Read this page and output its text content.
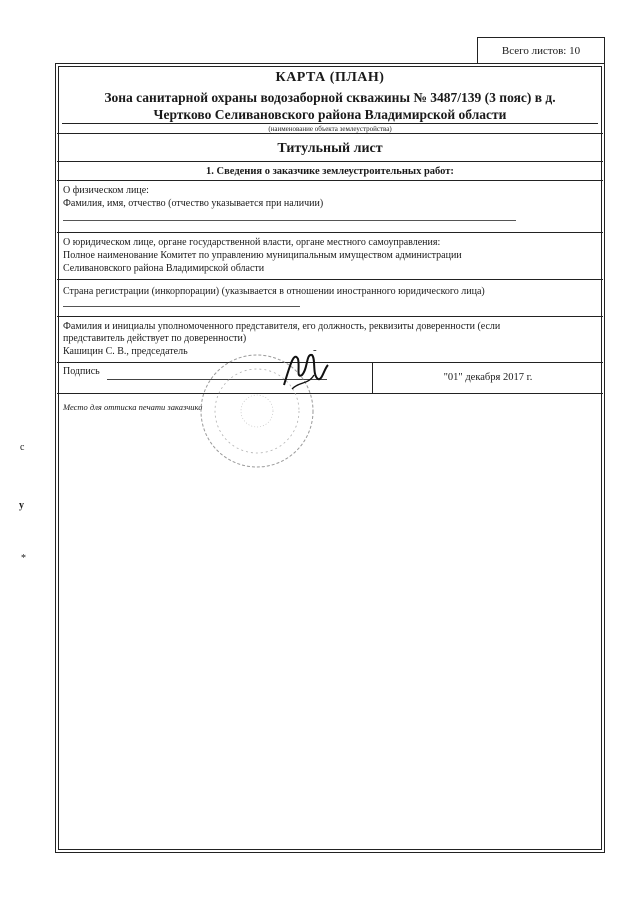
Всего листов: 10
КАРТА (ПЛАН)
Зона санитарной охраны водозаборной скважины № 3487/139 (3 пояс) в д.
Чертково Селивановского района Владимирской области
(наименование объекта землеустройства)
Титульный лист
1. Сведения о заказчике землеустроительных работ:
О физическом лице:
Фамилия, имя, отчество (отчество указывается при наличии)
О юридическом лице, органе государственной власти, органе местного самоуправления:
Полное наименование Комитет по управлению муниципальным имуществом администрации
Селивановского района Владимирской области
Страна регистрации (инкорпорации) (указывается в отношении иностранного юридического лица)
Фамилия и инициалы уполномоченного представителя, его должность, реквизиты доверенности (если
представитель действует по доверенности)
Кашицин С. В., председатель	-
Подпись
"01" декабря 2017 г.
Место для оттиска печати заказчика
c
y
*
